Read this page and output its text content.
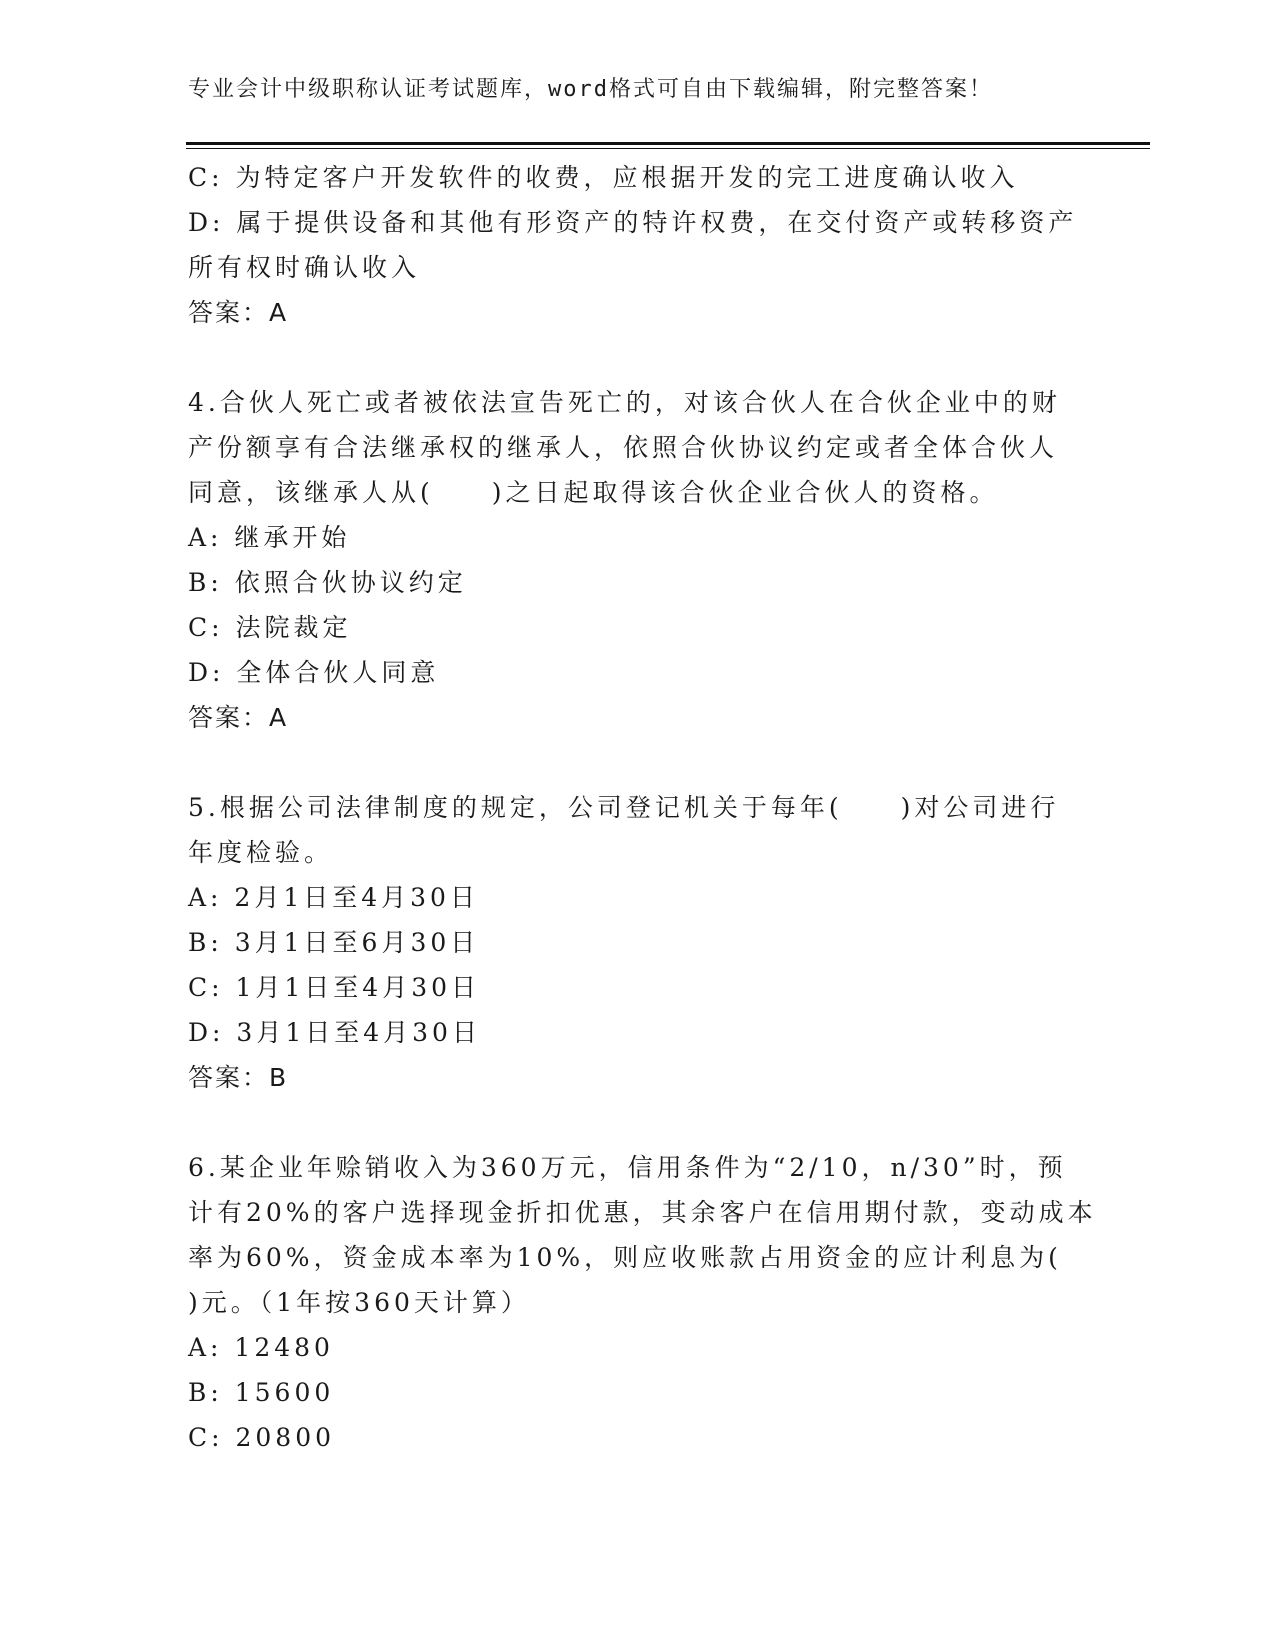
专业会计中级职称认证考试题库，word格式可自由下载编辑，附完整答案！
C: 为特定客户开发软件的收费，应根据开发的完工进度确认收入
D: 属于提供设备和其他有形资产的特许权费，在交付资产或转移资产
所有权时确认收入
答案：A
4.合伙人死亡或者被依法宣告死亡的，对该合伙人在合伙企业中的财
产份额享有合法继承权的继承人，依照合伙协议约定或者全体合伙人
同意，该继承人从(　　)之日起取得该合伙企业合伙人的资格。
A: 继承开始
B: 依照合伙协议约定
C: 法院裁定
D: 全体合伙人同意
答案：A
5.根据公司法律制度的规定，公司登记机关于每年(　　)对公司进行
年度检验。
A: 2月1日至4月30日
B: 3月1日至6月30日
C: 1月1日至4月30日
D: 3月1日至4月30日
答案：B
6.某企业年赊销收入为360万元，信用条件为“2/10，n/30”时，预
计有20%的客户选择现金折扣优惠，其余客户在信用期付款，变动成本
率为60%，资金成本率为10%，则应收账款占用资金的应计利息为(
)元。（1年按360天计算）
A: 12480
B: 15600
C: 20800
